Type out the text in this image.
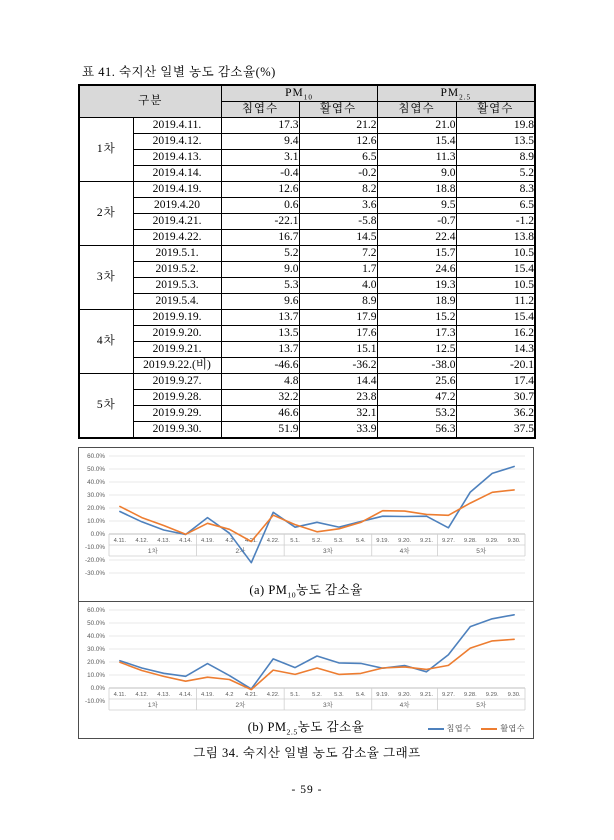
표 41. 숙지산 일별 농도 감소율(%)
구분		$PM_{10}$		$PM_{2.5}$
		침엽수	활엽수	침엽수	활엽수
1차	2019.4.11.	17.3	21.2	21.0	19.8
	2019.4.12.	9.4	12.6	15.4	13.5
	2019.4.13.	3.1	6.5	11.3	8.9
	2019.4.14.	-0.4	-0.2	9.0	5.2
2차	2019.4.19.	12.6	8.2	18.8	8.3
	2019.4.20	0.6	3.6	9.5	6.5
	2019.4.21.	-22.1	-5.8	-0.7	-1.2
	2019.4.22.	16.7	14.5	22.4	13.8
3차	2019.5.1.	5.2	7.2	15.7	10.5
	2019.5.2.	9.0	1.7	24.6	15.4
	2019.5.3.	5.3	4.0	19.3	10.5
	2019.5.4.	9.6	8.9	18.9	11.2
4차	2019.9.19.	13.7	17.9	15.2	15.4
	2019.9.20.	13.5	17.6	17.3	16.2
	2019.9.21.	13.7	15.1	12.5	14.3
	2019.9.22.(비)	-46.6	-36.2	-38.0	-20.1
5차	2019.9.27.	4.8	14.4	25.6	17.4
	2019.9.28.	32.2	23.8	47.2	30.7
	2019.9.29.	46.6	32.1	53.2	36.2
	2019.9.30.	51.9	33.9	56.3	37.5
60.0%
50.0%
40.0%
30.0%
20.0%
10.0%
0.0%
-10.0%
-20.0%
-30.0%
4.11. 4.12. 4.13. 4.14. 4.19. 4.2 4.21. 4.22. 5.1. 5.2. 5.3. 5.4. 9.19. 9.20. 9.21. 9.27. 9.28. 9.29. 9.30.
1차	2차	3차	4차	5차
(a) $PM_{10}$농도 감소율
60.0%
50.0%
40.0%
30.0%
20.0%
10.0%
0.0%
-10.0%
4.11. 4.12. 4.13. 4.14. 4.19. 4.2 4.21. 4.22. 5.1. 5.2. 5.3. 5.4. 9.19. 9.20. 9.21. 9.27. 9.28. 9.29. 9.30.
1차	2차	3차	4차	5차
(b) $PM_{2.5}$농도 감소율	침엽수	활엽수
그림 34. 숙지산 일별 농도 감소율 그래프
- 59 -
